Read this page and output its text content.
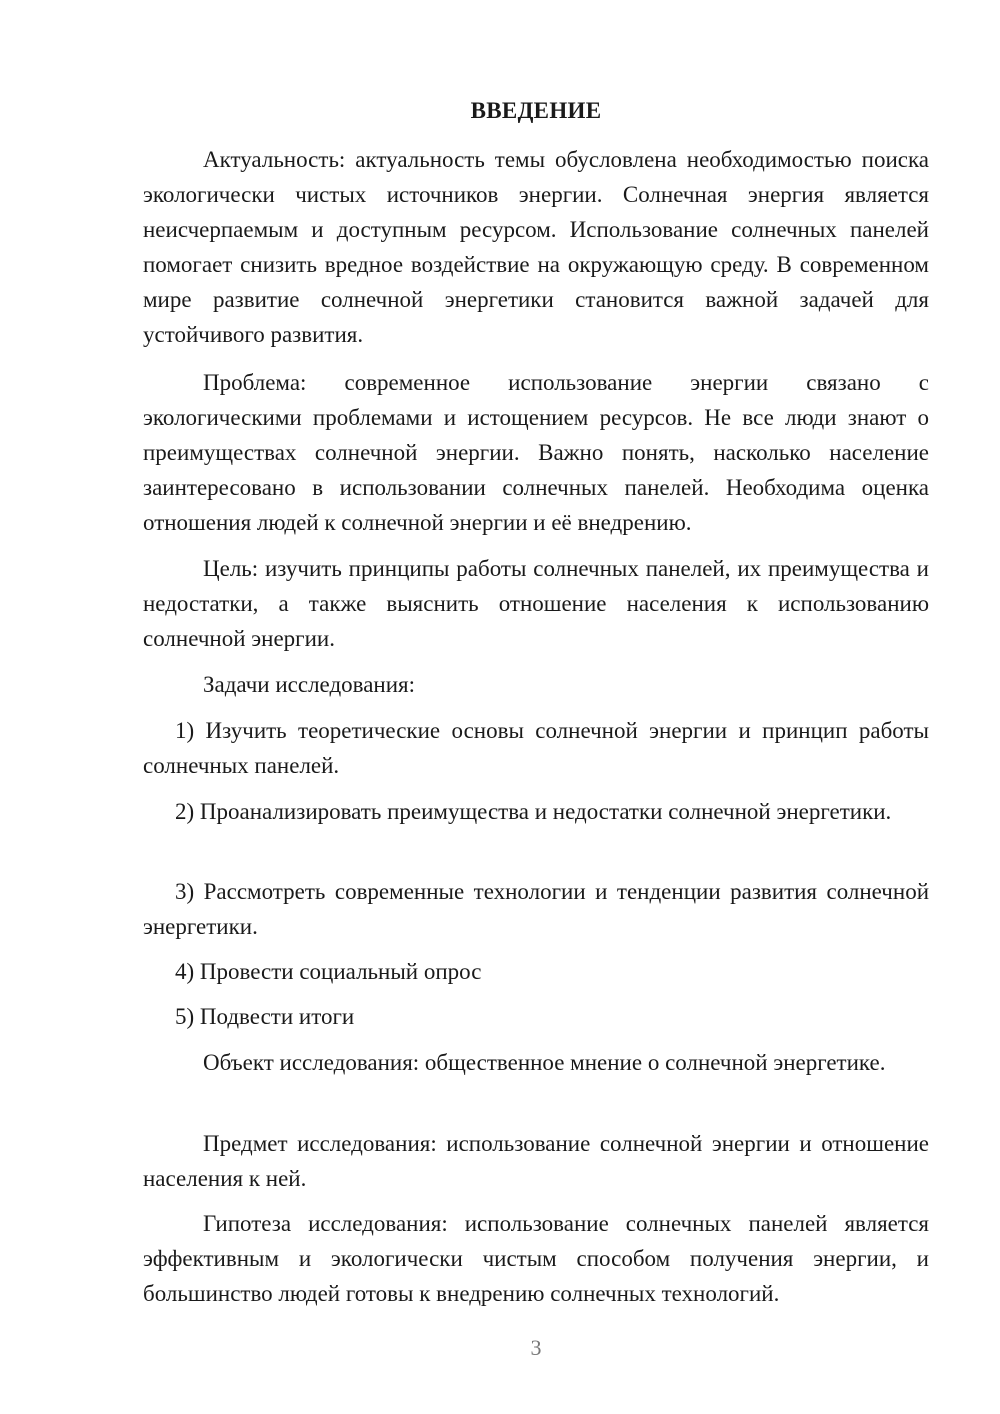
ВВЕДЕНИЕ

Актуальность: актуальность темы обусловлена необходимостью поиска экологически чистых источников энергии. Солнечная энергия является неисчерпаемым и доступным ресурсом. Использование солнечных панелей помогает снизить вредное воздействие на окружающую среду. В современном мире развитие солнечной энергетики становится важной задачей для устойчивого развития.

Проблема: современное использование энергии связано с экологическими проблемами и истощением ресурсов. Не все люди знают о преимуществах солнечной энергии. Важно понять, насколько население заинтересовано в использовании солнечных панелей. Необходима оценка отношения людей к солнечной энергии и её внедрению.

Цель: изучить принципы работы солнечных панелей, их преимущества и недостатки, а также выяснить отношение населения к использованию солнечной энергии.

Задачи исследования:

1) Изучить теоретические основы солнечной энергии и принцип работы солнечных панелей.

2) Проанализировать преимущества и недостатки солнечной энергетики.

3) Рассмотреть современные технологии и тенденции развития солнечной энергетики.

4) Провести социальный опрос

5) Подвести итоги

Объект исследования: общественное мнение о солнечной энергетике.

Предмет исследования: использование солнечной энергии и отношение населения к ней.

Гипотеза исследования: использование солнечных панелей является эффективным и экологически чистым способом получения энергии, и большинство людей готовы к внедрению солнечных технологий.

3
